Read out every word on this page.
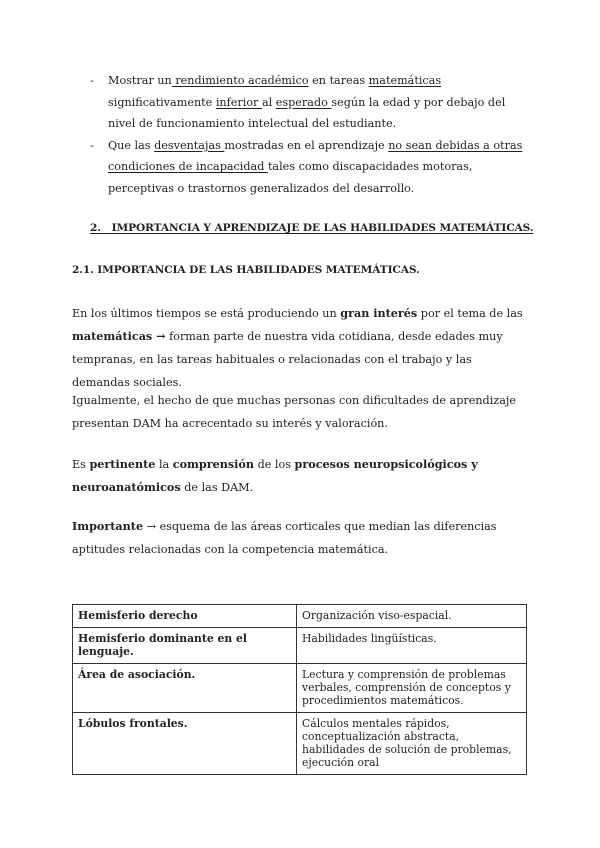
- Mostrar un rendimiento académico en tareas matemáticas significativamente inferior al esperado según la edad y por debajo del nivel de funcionamiento intelectual del estudiante.
- Que las desventajas mostradas en el aprendizaje no sean debidas a otras condiciones de incapacidad tales como discapacidades motoras, perceptivas o trastornos generalizados del desarrollo.
2.   IMPORTANCIA Y APRENDIZAJE DE LAS HABILIDADES MATEMÁTICAS.
2.1. IMPORTANCIA DE LAS HABILIDADES MATEMÁTICAS.
En los últimos tiempos se está produciendo un gran interés por el tema de las matemáticas → forman parte de nuestra vida cotidiana, desde edades muy tempranas, en las tareas habituales o relacionadas con el trabajo y las demandas sociales.
Igualmente, el hecho de que muchas personas con dificultades de aprendizaje presentan DAM ha acrecentado su interés y valoración.
Es pertinente la comprensión de los procesos neuropsicológicos y neuroanatómicos de las DAM.
Importante → esquema de las áreas corticales que median las diferencias aptitudes relacionadas con la competencia matemática.
Hemisferio derecho	Organización viso-espacial.
Hemisferio dominante en el lenguaje.	Habilidades lingüísticas.
Área de asociación.	Lectura y comprensión de problemas verbales, comprensión de conceptos y procedimientos matemáticos.
Lóbulos frontales.	Cálculos mentales rápidos, conceptualización abstracta, habilidades de solución de problemas, ejecución oral
